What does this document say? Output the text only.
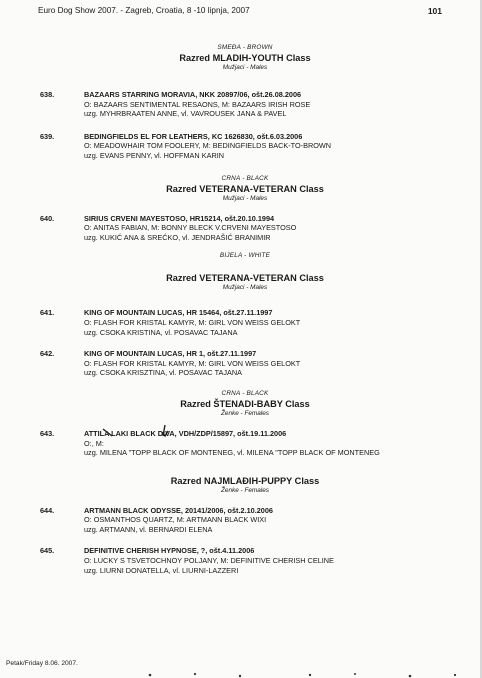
Euro Dog Show 2007. - Zagreb, Croatia, 8 -10 lipnja, 2007	101

SMEĐA - BROWN

Razred MLADIH-YOUTH Class

Mužjaci - Males

638.	BAZAARS STARRING MORAVIA, NKK 20897/06, ošt.26.08.2006
O: BAZAARS SENTIMENTAL RESAONS, M: BAZAARS IRISH ROSE
uzg. MYHRBRAATEN ANNE, vl. VAVROUSEK JANA & PAVEL
639.	BEDINGFIELDS EL FOR LEATHERS, KC 1626830, ošt.6.03.2006
O: MEADOWHAIR TOM FOOLERY, M: BEDINGFIELDS BACK-TO-BROWN
uzg. EVANS PENNY, vl. HOFFMAN KARIN

CRNA - BLACK

Razred VETERANA-VETERAN Class

Mužjaci - Males

640.	SIRIUS CRVENI MAYESTOSO, HR15214, ošt.20.10.1994
O: ANITAS FABIAN, M: BONNY BLECK V.CRVENI MAYESTOSO
uzg. KUKIĆ ANA & SREĆKO, vl. JENDRAŠIĆ BRANIMIR

BIJELA - WHITE

Razred VETERANA-VETERAN Class

Mužjaci - Males

641.	KING OF MOUNTAIN LUCAS, HR 15464, ošt.27.11.1997
O: FLASH FOR KRISTAL KAMYR, M: GIRL VON WEISS GELOKT
uzg. CSOKA KRISTINA, vl. POSAVAC TAJANA
642.	KING OF MOUNTAIN LUCAS, HR 1, ošt.27.11.1997
O: FLASH FOR KRISTAL KAMYR, M: GIRL VON WEISS GELOKT
uzg. CSOKA KRISZTINA, vl. POSAVAC TAJANA

CRNA - BLACK

Razred ŠTENADI-BABY Class

Ženke - Females

643.	ATTILA LAKI BLACK DIVA, VDH/ZDP/15897, ošt.19.11.2006
O:, M:
uzg. MILENA "TOPP BLACK OF MONTENEG, vl. MILENA "TOPP BLACK OF MONTENEG

Razred NAJMLAĐIH-PUPPY Class

Ženke - Females

644.	ARTMANN BLACK ODYSSE, 20141/2006, ošt.2.10.2006
O: OSMANTHOS QUARTZ, M: ARTMANN BLACK WIXI
uzg. ARTMANN, vl. BERNARDI ELENA
645.	DEFINITIVE CHERISH HYPNOSE, ?, ošt.4.11.2006
O: LUCKY S TSVETOCHNOY POLJANY, M: DEFINITIVE CHERISH CELINE
uzg. LIURNI DONATELLA, vl. LIURNI-LAZZERI
Petak/Friday 8.06. 2007.
